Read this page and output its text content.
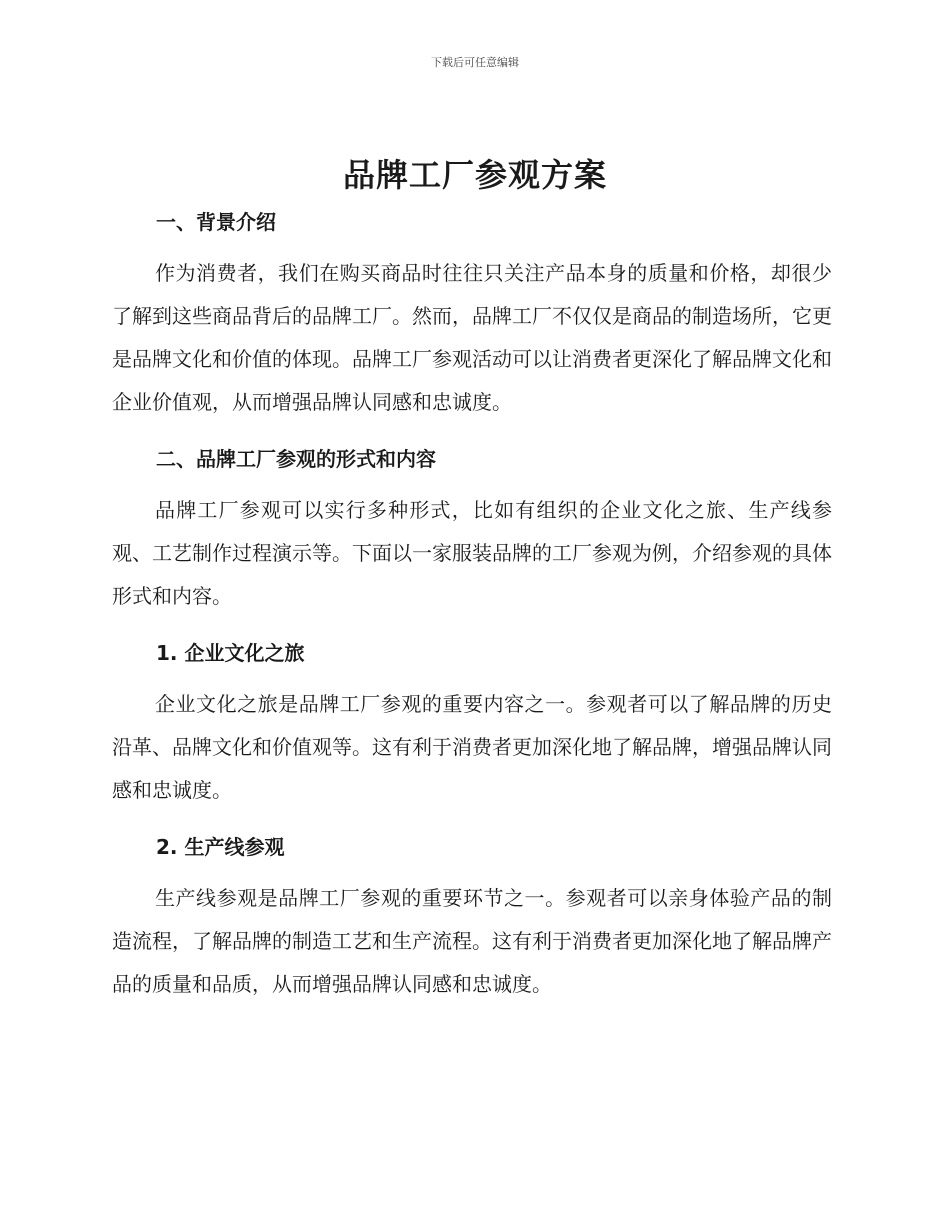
下载后可任意编辑
品牌工厂参观方案
一、背景介绍
作为消费者，我们在购买商品时往往只关注产品本身的质量和价格，却很少了解到这些商品背后的品牌工厂。然而，品牌工厂不仅仅是商品的制造场所，它更是品牌文化和价值的体现。品牌工厂参观活动可以让消费者更深化了解品牌文化和企业价值观，从而增强品牌认同感和忠诚度。
二、品牌工厂参观的形式和内容
品牌工厂参观可以实行多种形式，比如有组织的企业文化之旅、生产线参观、工艺制作过程演示等。下面以一家服装品牌的工厂参观为例，介绍参观的具体形式和内容。
1. 企业文化之旅
企业文化之旅是品牌工厂参观的重要内容之一。参观者可以了解品牌的历史沿革、品牌文化和价值观等。这有利于消费者更加深化地了解品牌，增强品牌认同感和忠诚度。
2. 生产线参观
生产线参观是品牌工厂参观的重要环节之一。参观者可以亲身体验产品的制造流程，了解品牌的制造工艺和生产流程。这有利于消费者更加深化地了解品牌产品的质量和品质，从而增强品牌认同感和忠诚度。
